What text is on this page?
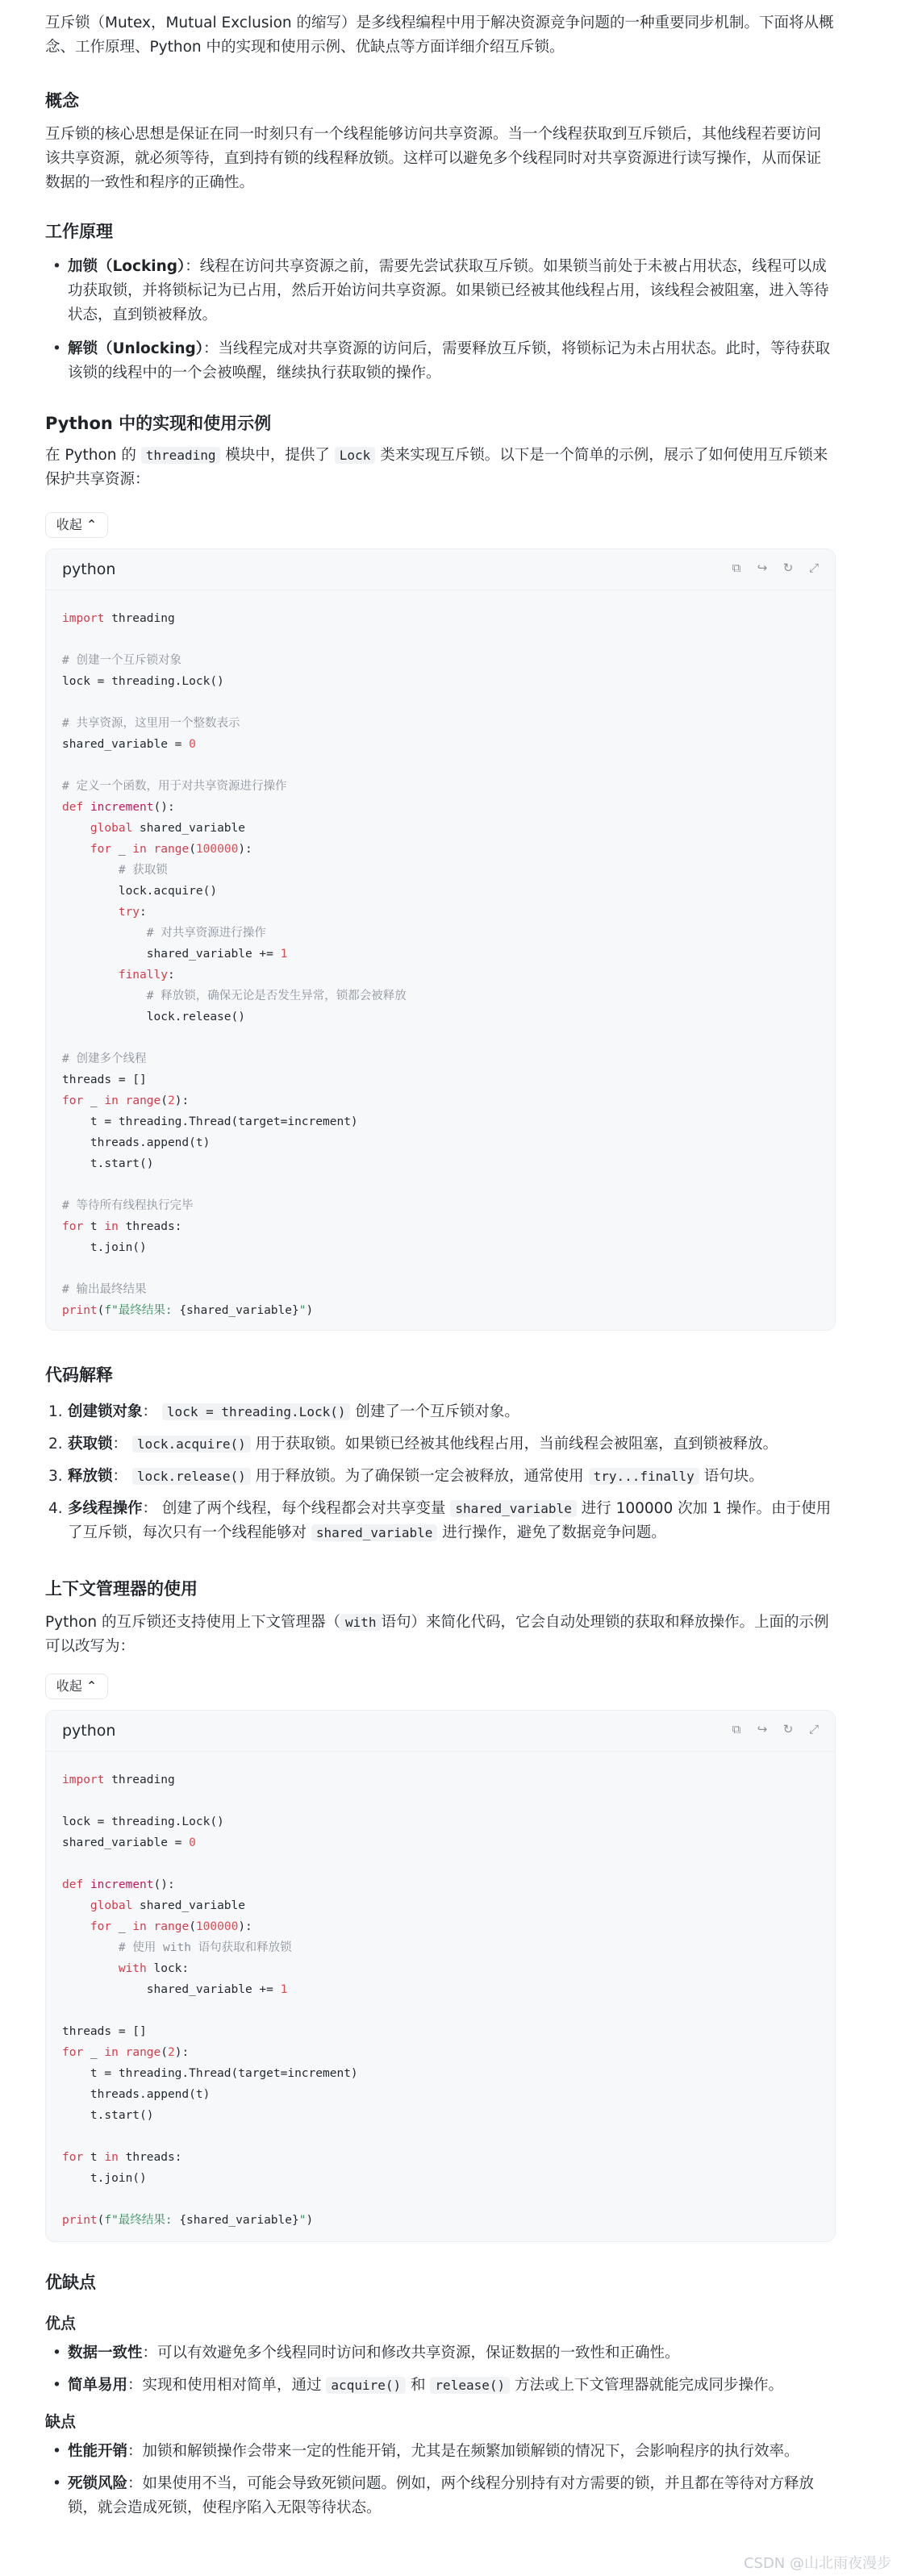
互斥锁（Mutex，Mutual Exclusion 的缩写）是多线程编程中用于解决资源竞争问题的一种重要同步机制。下面将从概念、工作原理、Python 中的实现和使用示例、优缺点等方面详细介绍互斥锁。

概念

互斥锁的核心思想是保证在同一时刻只有一个线程能够访问共享资源。当一个线程获取到互斥锁后，其他线程若要访问该共享资源，就必须等待，直到持有锁的线程释放锁。这样可以避免多个线程同时对共享资源进行读写操作，从而保证数据的一致性和程序的正确性。

工作原理
• 加锁（Locking）：线程在访问共享资源之前，需要先尝试获取互斥锁。如果锁当前处于未被占用状态，线程可以成功获取锁，并将锁标记为已占用，然后开始访问共享资源。如果锁已经被其他线程占用，该线程会被阻塞，进入等待状态，直到锁被释放。
• 解锁（Unlocking）：当线程完成对共享资源的访问后，需要释放互斥锁，将锁标记为未占用状态。此时，等待获取该锁的线程中的一个会被唤醒，继续执行获取锁的操作。
Python 中的实现和使用示例

在 Python 的 threading 模块中，提供了 Lock 类来实现互斥锁。以下是一个简单的示例，展示了如何使用互斥锁来保护共享资源：

收起 ⌃
python	⧉	↪ ↻ ⤢
import threading

# 创建一个互斥锁对象
lock = threading.Lock()

# 共享资源，这里用一个整数表示
shared_variable = 0

# 定义一个函数，用于对共享资源进行操作
def increment():
global shared_variable
for _ in range(100000):
# 获取锁
lock.acquire()
try:
# 对共享资源进行操作
shared_variable += 1
finally:
# 释放锁，确保无论是否发生异常，锁都会被释放
lock.release()

# 创建多个线程
threads = []
for _ in range(2):
t = threading.Thread(target=increment)
threads.append(t)
t.start()

# 等待所有线程执行完毕
for t in threads:
t.join()

# 输出最终结果
print(f"最终结果: {shared_variable}")
代码解释
1. 创建锁对象： lock = threading.Lock() 创建了一个互斥锁对象。
2. 获取锁： lock.acquire() 用于获取锁。如果锁已经被其他线程占用，当前线程会被阻塞，直到锁被释放。
3. 释放锁： lock.release() 用于释放锁。为了确保锁一定会被释放，通常使用 try...finally 语句块。
4. 多线程操作： 创建了两个线程，每个线程都会对共享变量 shared_variable 进行 100000 次加 1 操作。由于使用了互斥锁，每次只有一个线程能够对 shared_variable 进行操作，避免了数据竞争问题。
上下文管理器的使用

Python 的互斥锁还支持使用上下文管理器（ with 语句）来简化代码，它会自动处理锁的获取和释放操作。上面的示例可以改写为：

收起 ⌃
python	⧉	↪ ↻ ⤢
import threading

lock = threading.Lock()
shared_variable = 0

def increment():
global shared_variable
for _ in range(100000):
# 使用 with 语句获取和释放锁
with lock:
shared_variable += 1

threads = []
for _ in range(2):
t = threading.Thread(target=increment)
threads.append(t)
t.start()

for t in threads:
t.join()

print(f"最终结果: {shared_variable}")
优缺点
优点
• 数据一致性：可以有效避免多个线程同时访问和修改共享资源，保证数据的一致性和正确性。
• 简单易用：实现和使用相对简单，通过 acquire() 和 release() 方法或上下文管理器就能完成同步操作。
缺点
• 性能开销：加锁和解锁操作会带来一定的性能开销，尤其是在频繁加锁解锁的情况下，会影响程序的执行效率。
• 死锁风险：如果使用不当，可能会导致死锁问题。例如，两个线程分别持有对方需要的锁，并且都在等待对方释放锁，就会造成死锁，使程序陷入无限等待状态。
CSDN @山北雨夜漫步
